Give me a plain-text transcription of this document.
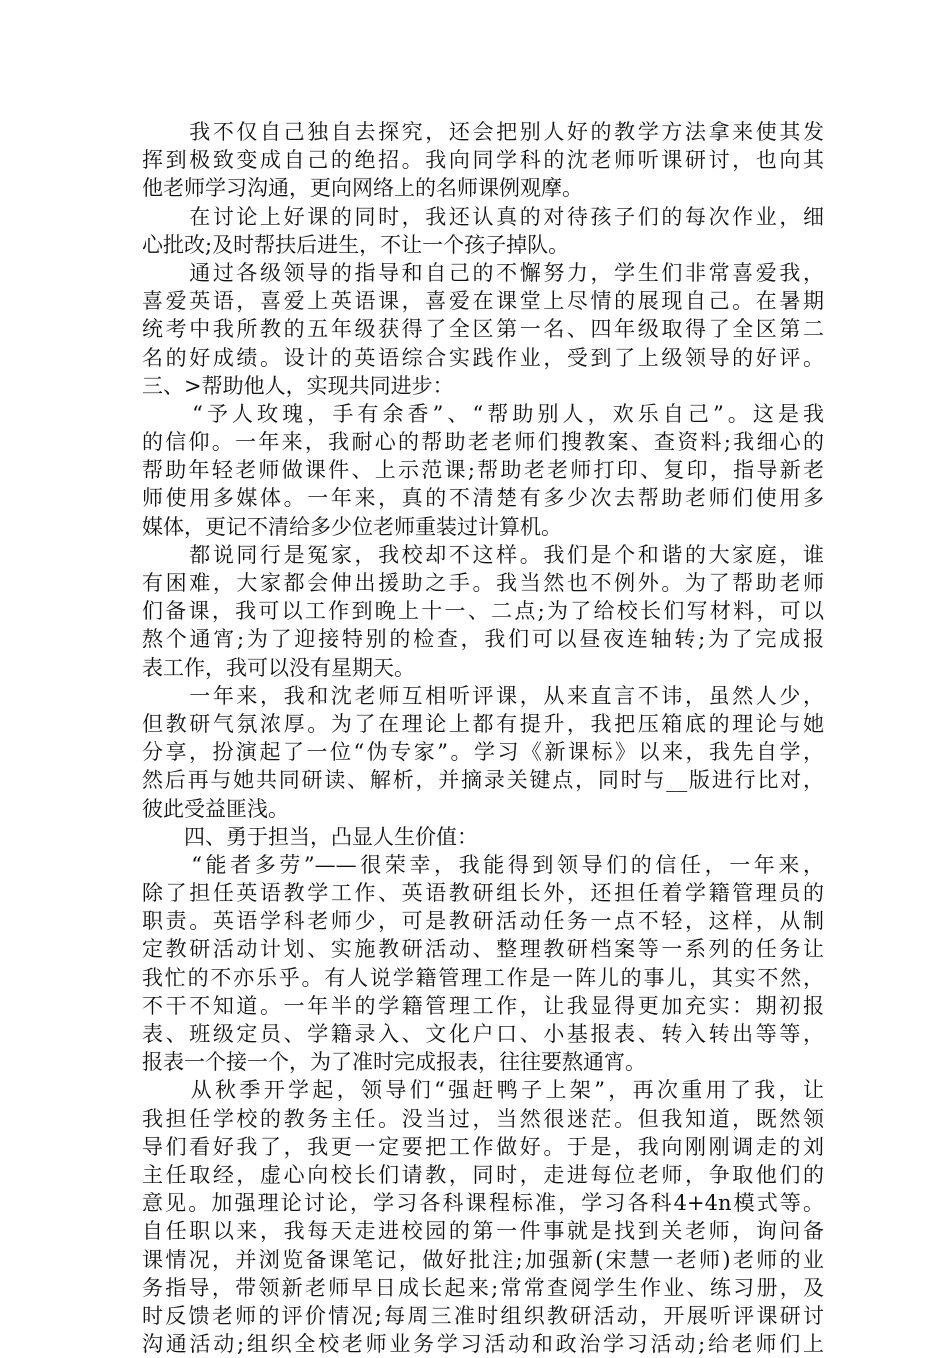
　　我不仅自己独自去探究，还会把别人好的教学方法拿来使其发
挥到极致变成自己的绝招。我向同学科的沈老师听课研讨，也向其
他老师学习沟通，更向网络上的名师课例观摩。
　　在讨论上好课的同时，我还认真的对待孩子们的每次作业，细
心批改;及时帮扶后进生，不让一个孩子掉队。
　　通过各级领导的指导和自己的不懈努力，学生们非常喜爱我，
喜爱英语，喜爱上英语课，喜爱在课堂上尽情的展现自己。在暑期
统考中我所教的五年级获得了全区第一名、四年级取得了全区第二
名的好成绩。设计的英语综合实践作业，受到了上级领导的好评。
三、>帮助他人，实现共同进步：
　　“予人玫瑰，手有余香”、“帮助别人，欢乐自己”。这是我
的信仰。一年来，我耐心的帮助老老师们搜教案、查资料;我细心的
帮助年轻老师做课件、上示范课;帮助老老师打印、复印，指导新老
师使用多媒体。一年来，真的不清楚有多少次去帮助老师们使用多
媒体，更记不清给多少位老师重装过计算机。
　　都说同行是冤家，我校却不这样。我们是个和谐的大家庭，谁
有困难，大家都会伸出援助之手。我当然也不例外。为了帮助老师
们备课，我可以工作到晚上十一、二点;为了给校长们写材料，可以
熬个通宵;为了迎接特别的检查，我们可以昼夜连轴转;为了完成报
表工作，我可以没有星期天。
　　一年来，我和沈老师互相听评课，从来直言不讳，虽然人少，
但教研气氛浓厚。为了在理论上都有提升，我把压箱底的理论与她
分享，扮演起了一位“伪专家”。学习《新课标》以来，我先自学，
然后再与她共同研读、解析，并摘录关键点，同时与__版进行比对，
彼此受益匪浅。
　　四、勇于担当，凸显人生价值：
　　“能者多劳”——很荣幸，我能得到领导们的信任，一年来，
除了担任英语教学工作、英语教研组长外，还担任着学籍管理员的
职责。英语学科老师少，可是教研活动任务一点不轻，这样，从制
定教研活动计划、实施教研活动、整理教研档案等一系列的任务让
我忙的不亦乐乎。有人说学籍管理工作是一阵儿的事儿，其实不然，
不干不知道。一年半的学籍管理工作，让我显得更加充实：期初报
表、班级定员、学籍录入、文化户口、小基报表、转入转出等等，
报表一个接一个，为了准时完成报表，往往要熬通宵。
　　从秋季开学起，领导们“强赶鸭子上架”，再次重用了我，让
我担任学校的教务主任。没当过，当然很迷茫。但我知道，既然领
导们看好我了，我更一定要把工作做好。于是，我向刚刚调走的刘
主任取经，虚心向校长们请教，同时，走进每位老师，争取他们的
意见。加强理论讨论，学习各科课程标准，学习各科4+4n模式等。
自任职以来，我每天走进校园的第一件事就是找到关老师，询问备
课情况，并浏览备课笔记，做好批注;加强新(宋慧一老师)老师的业
务指导，带领新老师早日成长起来;常常查阅学生作业、练习册，及
时反馈老师的评价情况;每周三准时组织教研活动，开展听评课研讨
沟通活动;组织全校老师业务学习活动和政治学习活动;给老师们上
